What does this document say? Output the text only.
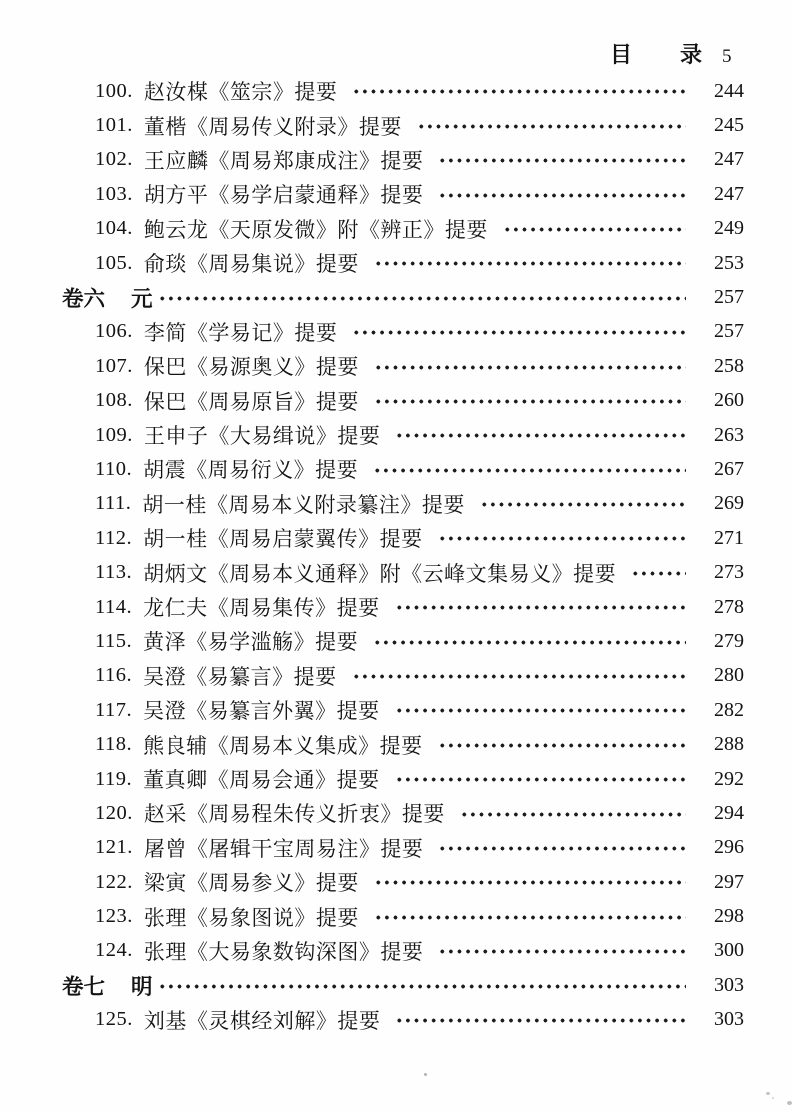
目 录 5
100. 赵汝楳《筮宗》提要	244
101. 董楷《周易传义附录》提要	245
102. 王应麟《周易郑康成注》提要	247
103. 胡方平《易学启蒙通释》提要	247
104. 鲍云龙《天原发微》附《辨正》提要	249
105. 俞琰《周易集说》提要	253
卷六 元	257
106. 李简《学易记》提要	257
107. 保巴《易源奥义》提要	258
108. 保巴《周易原旨》提要	260
109. 王申子《大易缉说》提要	263
110. 胡震《周易衍义》提要	267
111. 胡一桂《周易本义附录纂注》提要	269
112. 胡一桂《周易启蒙翼传》提要	271
113. 胡炳文《周易本义通释》附《云峰文集易义》提要	273
114. 龙仁夫《周易集传》提要	278
115. 黄泽《易学滥觞》提要	279
116. 吴澄《易纂言》提要	280
117. 吴澄《易纂言外翼》提要	282
118. 熊良辅《周易本义集成》提要	288
119. 董真卿《周易会通》提要	292
120. 赵采《周易程朱传义折衷》提要	294
121. 屠曾《屠辑干宝周易注》提要	296
122. 梁寅《周易参义》提要	297
123. 张理《易象图说》提要	298
124. 张理《大易象数钩深图》提要	300
卷七 明	303
125. 刘基《灵棋经刘解》提要	303
